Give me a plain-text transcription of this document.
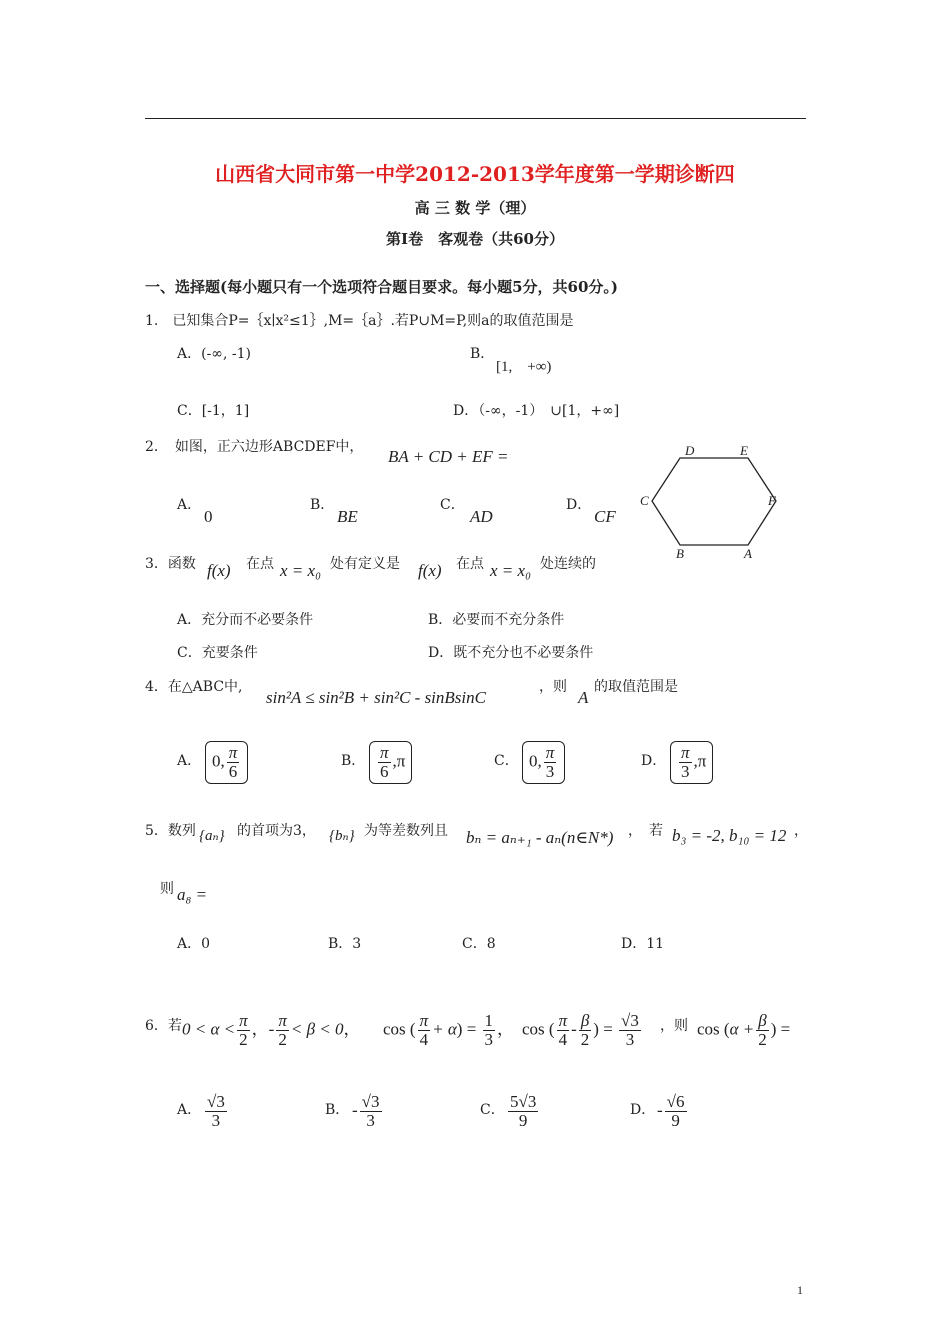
山西省大同市第一中学2012-2013学年度第一学期诊断四
高 三 数 学（理）
第Ⅰ卷　客观卷（共60分）
一、选择题(每小题只有一个选项符合题目要求。每小题5分，共60分。)
1.　已知集合P=｛x∣x²≤1｝,M=｛a｝.若P∪M=P,则a的取值范围是
A．(-∞, -1)	B．
[1,　+∞)
C．[-1，1]	D．（-∞，-1）　∪[1，+∞]
2．　如图，正六边形ABCDEF中， BA + CD + EF =
A．
0
B．
BE
C．
AD
D．
CF
D	E
F
A
B
C
3．函数 f(x) 在点 x = x₀ 处有定义是 f(x) 在点 x = x₀ 处连续的
A．充分而不必要条件	B．必要而不充分条件
C．充要条件	D．既不充分也不必要条件
4．在△ABC中,
sin²A ≤ sin²B + sin²C - sinBsinC
，则
A
的取值范围是
A． 0, $\frac{\pi}{6}$	B． $\frac{\pi}{6} ,\pi$	C． 0, $\frac{\pi}{3}$	D． $\frac{\pi}{3} ,\pi$
5．数列 {aₙ} 的首项为3， {bₙ} 为等差数列且 bₙ = aₙ₊₁ - aₙ(n∈N*) ，　若 b₃ = -2, b₁₀ = 12 ，
则 a₈ =
A．0	B．3	C．8	D．11
6．若 $0 < \alpha < \frac{\pi}{2}$ ，- $\frac{\pi}{2} < \beta < 0$， cos ( $\frac{\pi}{4} + \alpha) = \frac{1}{3}$ ， cos ( $\frac{\pi}{4} - \frac{\beta}{2}$ ) = $\frac{√3}{3}$ ，则 $\cos (\alpha + \frac{\beta}{2}$ ) =
A． $\frac{√3}{3}$	B． - $\frac{√3}{3}$	C． $\frac{5√3}{9}$	D． - $\frac{√6}{9}$
1
